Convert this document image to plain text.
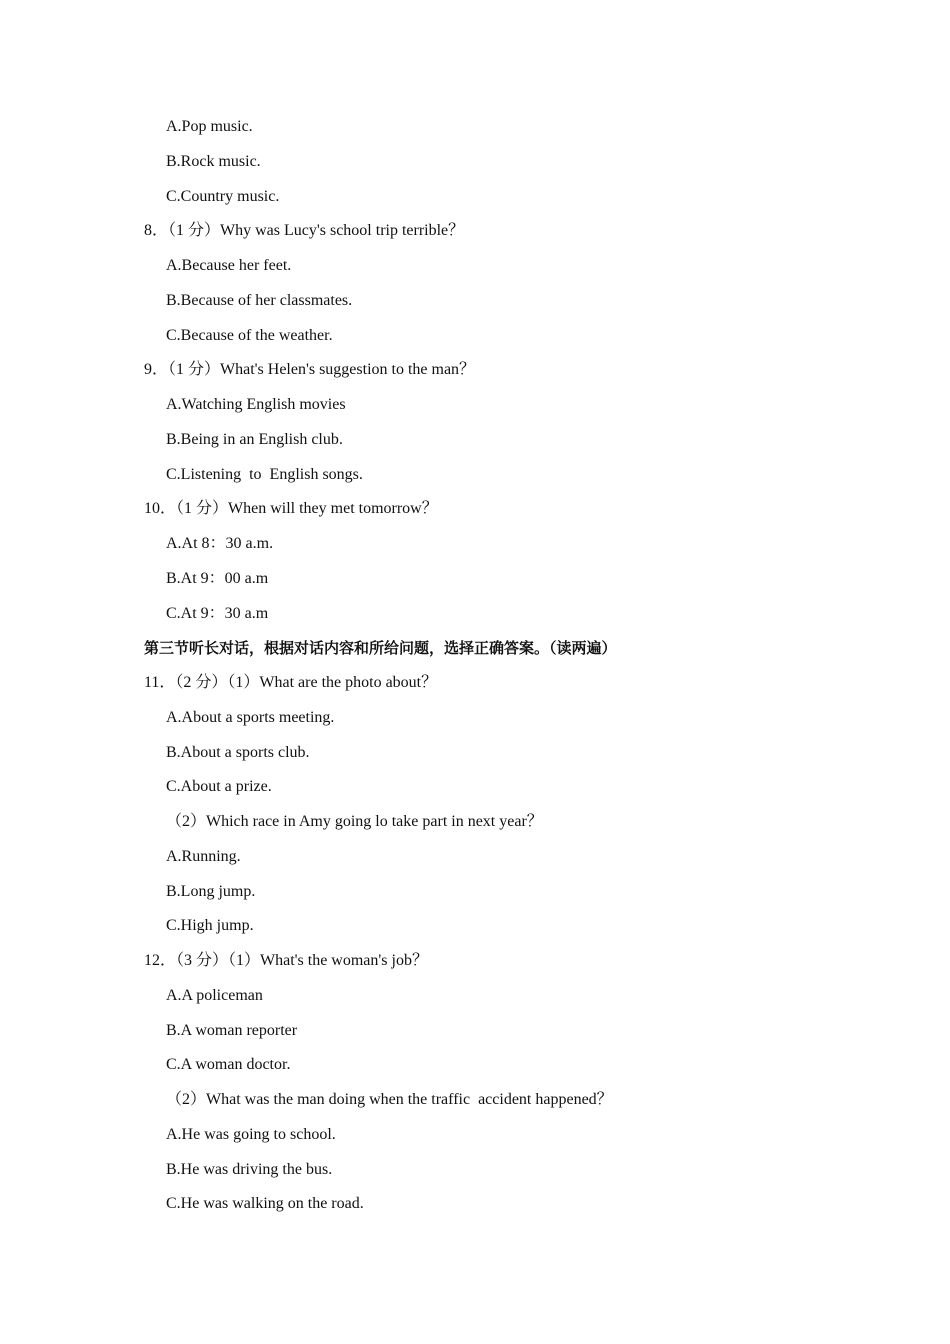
A.Pop music.
B.Rock music.
C.Country music.
8．（1 分）Why was Lucy's school trip terrible？
A.Because her feet.
B.Because of her classmates.
C.Because of the weather.
9．（1 分）What's Helen's suggestion to the man？
A.Watching English movies
B.Being in an English club.
C.Listening  to  English songs.
10．（1 分）When will they met tomorrow？
A.At 8：30 a.m.
B.At 9：00 a.m
C.At 9：30 a.m
第三节听长对话，根据对话内容和所给问题，选择正确答案。（读两遍）
11．（2 分）（1）What are the photo about？
A.About a sports meeting.
B.About a sports club.
C.About a prize.
（2）Which race in Amy going lo take part in next year？
A.Running.
B.Long jump.
C.High jump.
12．（3 分）（1）What's the woman's job？
A.A policeman
B.A woman reporter
C.A woman doctor.
（2）What was the man doing when the traffic  accident happened？
A.He was going to school.
B.He was driving the bus.
C.He was walking on the road.
